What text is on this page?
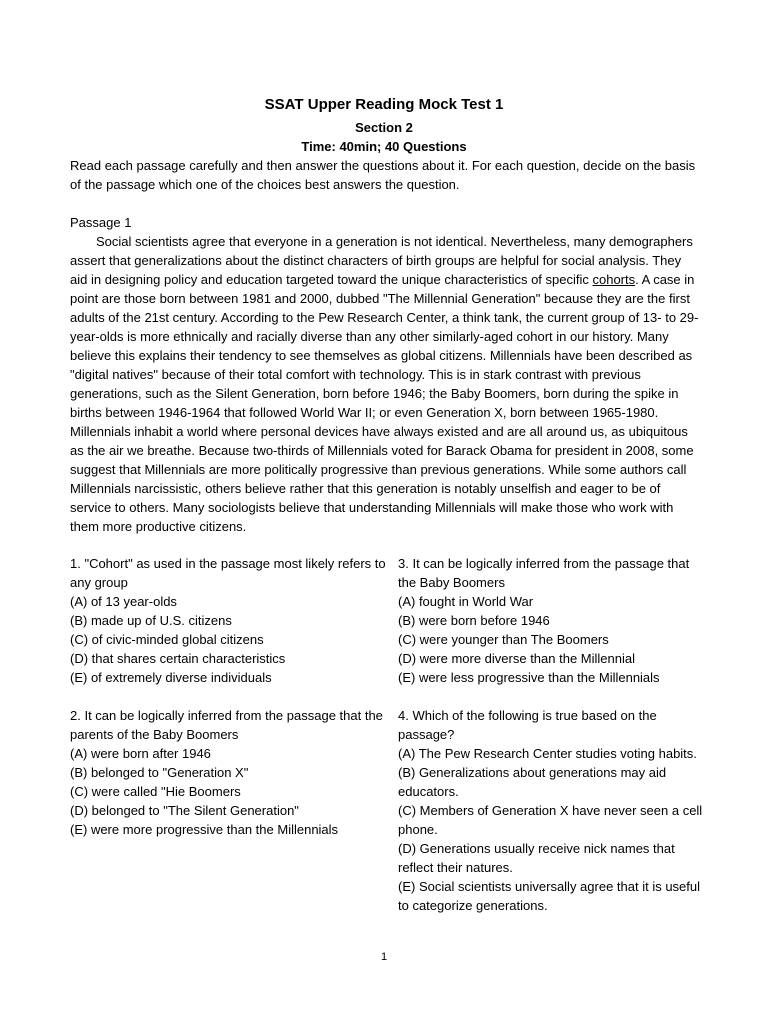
SSAT Upper Reading Mock Test 1
Section 2
Time: 40min; 40 Questions

Read each passage carefully and then answer the questions about it. For each question, decide on the basis of the passage which one of the choices best answers the question.

Passage 1

Social scientists agree that everyone in a generation is not identical. Nevertheless, many demographers assert that generalizations about the distinct characters of birth groups are helpful for social analysis. They aid in designing policy and education targeted toward the unique characteristics of specific cohorts. A case in point are those born between 1981 and 2000, dubbed "The Millennial Generation" because they are the first adults of the 21st century. According to the Pew Research Center, a think tank, the current group of 13- to 29-year-olds is more ethnically and racially diverse than any other similarly-aged cohort in our history. Many believe this explains their tendency to see themselves as global citizens. Millennials have been described as "digital natives" because of their total comfort with technology. This is in stark contrast with previous generations, such as the Silent Generation, born before 1946; the Baby Boomers, born during the spike in births between 1946-1964 that followed World War II; or even Generation X, born between 1965-1980. Millennials inhabit a world where personal devices have always existed and are all around us, as ubiquitous as the air we breathe. Because two-thirds of Millennials voted for Barack Obama for president in 2008, some suggest that Millennials are more politically progressive than previous generations. While some authors call Millennials narcissistic, others believe rather that this generation is notably unselfish and eager to be of service to others. Many sociologists believe that understanding Millennials will make those who work with them more productive citizens.

1. "Cohort" as used in the passage most likely refers to any group
(A) of 13 year-olds
(B) made up of U.S. citizens
(C) of civic-minded global citizens
(D) that shares certain characteristics
(E) of extremely diverse individuals
2. It can be logically inferred from the passage that the parents of the Baby Boomers
(A) were born after 1946
(B) belonged to "Generation X"
(C) were called "Hie Boomers
(D) belonged to "The Silent Generation"
(E) were more progressive than the Millennials
3. It can be logically inferred from the passage that the Baby Boomers
(A) fought in World War
(B) were born before 1946
(C) were younger than The Boomers
(D) were more diverse than the Millennial
(E) were less progressive than the Millennials
4. Which of the following is true based on the passage?
(A) The Pew Research Center studies voting habits.
(B) Generalizations about generations may aid educators.
(C) Members of Generation X have never seen a cell phone.
(D) Generations usually receive nick names that reflect their natures.
(E) Social scientists universally agree that it is useful to categorize generations.
1
